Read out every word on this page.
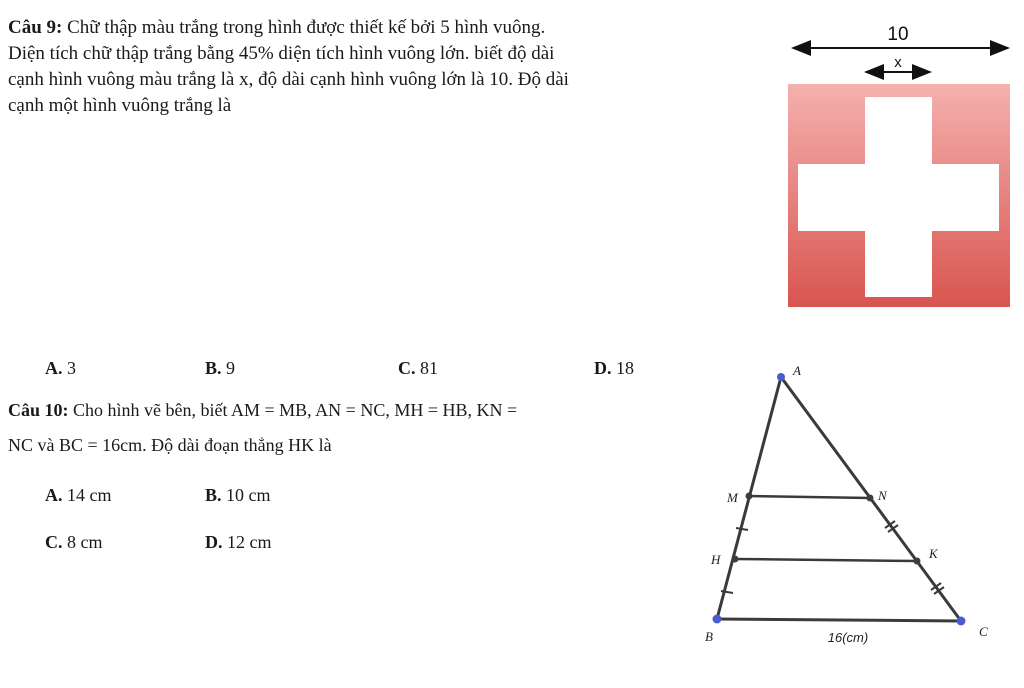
Câu 9: Chữ thập màu trắng trong hình được thiết kế bởi 5 hình vuông.
Diện tích chữ thập trắng bằng 45% diện tích hình vuông lớn. biết độ dài
cạnh hình vuông màu trắng là x, độ dài cạnh hình vuông lớn là 10. Độ dài
cạnh một hình vuông trắng là
10
x
A. 3	B. 9	C. 81	D. 18
Câu 10: Cho hình vẽ bên, biết AM = MB, AN = NC, MH = HB, KN =
NC và BC = 16cm. Độ dài đoạn thẳng HK là
A. 14 cm	B. 10 cm
C. 8 cm	D. 12 cm
A
M	N
H	K
B	C
16(cm)
